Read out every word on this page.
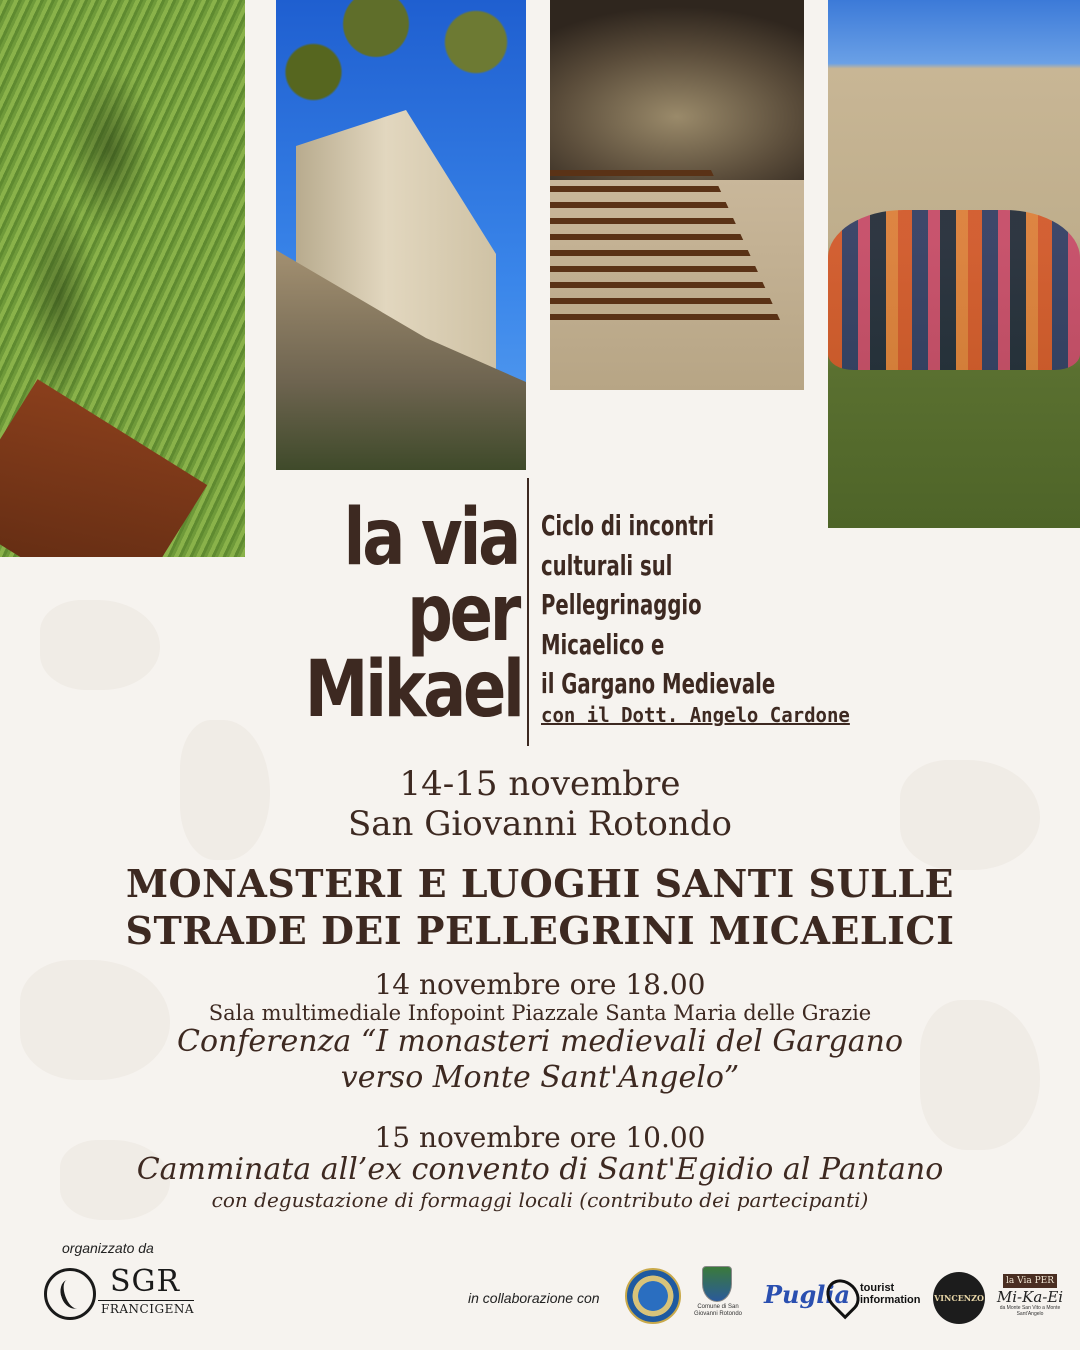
la via
per
Mikael
Ciclo di incontri
culturali sul
Pellegrinaggio
Micaelico e
il Gargano Medievale
con il Dott. Angelo Cardone
14-15 novembre
San Giovanni Rotondo
MONASTERI E LUOGHI SANTI SULLE
STRADE DEI PELLEGRINI MICAELICI
14 novembre ore 18.00
Sala multimediale Infopoint Piazzale Santa Maria delle Grazie
Conferenza “I monasteri medievali del Gargano
verso Monte Sant'Angelo”
15 novembre ore 10.00
Camminata all’ex convento di Sant'Egidio al Pantano
con degustazione di formaggi locali (contributo dei partecipanti)
organizzato da
SGR
FRANCIGENA
in collaborazione con
Comune di San Giovanni Rotondo
Puglia tourist information	VINCENZO
la Via PER
Mi-Ka-Ei
da Monte San Vito a Monte Sant'Angelo
